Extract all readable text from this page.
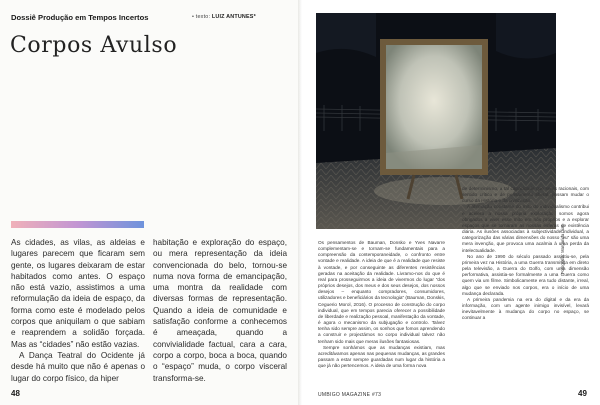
Dossiê Produção em Tempos Incertos	• texto: LUIZ ANTUNES*
Corpos Avulso

As cidades, as vilas, as aldeias e lugares parecem que ficaram sem gente, os lugares deixaram de estar habitados como antes. O espaço não está vazio, assistimos a uma reformulação da ideia de espaço, da forma como este é modelado pelos corpos que aniquilam o que sabiam e reaprendem a solidão forçada. Mas as “cidades” não estão vazias.

A Dança Teatral do Ocidente já desde há muito que não é apenas o lugar do corpo físico, da hiper

habitação e exploração do espaço, ou mera representação da ideia convencionada do belo, tornou-se numa nova forma de emancipação, uma montra da realidade com diversas formas de representação. Quando a ideia de comunidade e satisfação conforme a conhecemos é ameaçada, quando a convivialidade factual, cara a cara, corpo a corpo, boca a boca, quando o “espaço” muda, o corpo visceral transforma-se.

48
Fotografia: Margarida Dias

Os pensamentos de Bauman, Donsko e Yves Navarre complementam-se e tornam-se fundamentais para a compreensão da contemporaneidade, o confronto entre vontade e realidade. A ideia de que é a realidade que resiste à vontade, e por conseguinte as diferentes resistências geradas na aceitação da realidade. Livramo-nos do que é real para prosseguirmos a ideia de vivermos do lugar “dos próprios desejos, dos meus e dos seus desejos, dos nossos desejos – enquanto compradores, consumidores, utilizadores e beneficiários da tecnologia” (Bauman, Donskis, Ceguerio Morol, 2016). O processo de construção do corpo individual, que em tempos parecia oferecer a possibilidade de liberdade e realização pessoal, manifestação da vontade, é agora o mecanismo da subjugação e controlo. Talvez tenha sido sempre assim, os sonhos que fomos aprendendo a construir e projectámos no corpo individual talvez não tenham sido mais que meras ilusões fantasiosas.

Sempre sonhámos que as mudanças existiam, mas acreditávamos apenas nas pequenas mudanças, as grandes passam a estar sempre guardadas num lugar da história a que já não pertencemos. A ideia de uma forma nova

de determinismo, a tal capacidade que seres racionais, com sentido crítico e de pensamento liberal, possam mudar o curso da História e da civilização.

A afirmação constante do mito do individualismo contribui e acelera a nossa própria exploração, somos agora obrigados a viver esse mito em nós próprios e a explorar espaços que se tornaram as nossas esferas de existência diária. As ilusões associadas à subjectividade individual, a categorização das várias dimensões do nosso “eu” são uma mera invenção, que provoca uma acalmia à uma perda da intelectualidade.

No ano de 1990 do século passado assistiu-se, pela primeira vez na História, a uma Guerra transmitida em direto pela televisão, a Guerra do Golfo, com uma dimensão performativa, assistia-se formalmente a uma Guerra como quem via um filme. Simbolicamente era tudo distante, irreal, algo que se enviado nos corpos, era o início de uma mudança declarada.

A primeira pandemia na era do digital e da era da informação, com um agente inimigo invisível, levará inevitavelmente à mudança do corpo no espaço, se continuar a

UMBIGO MAGAZINE #73	49
